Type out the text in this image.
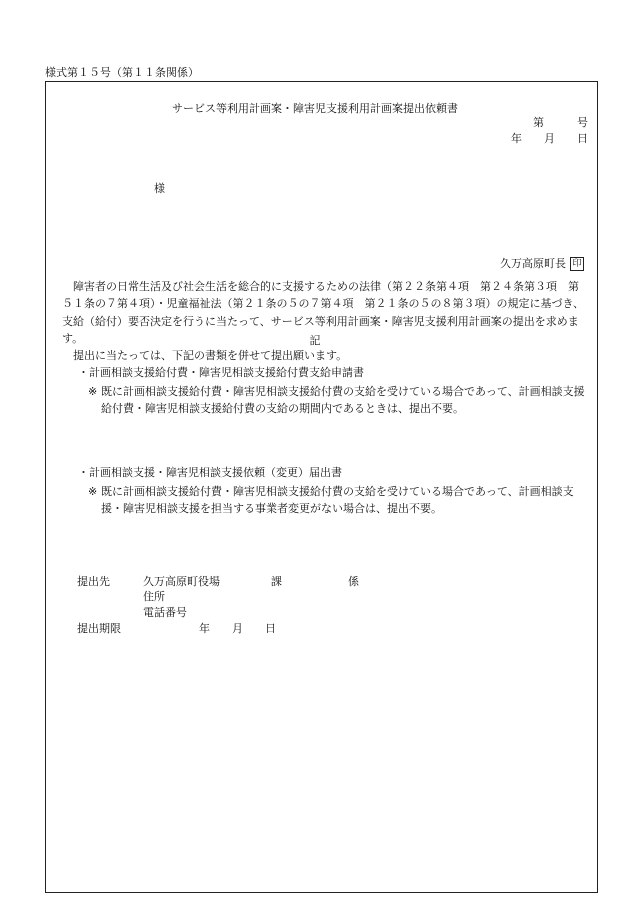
様式第１５号（第１１条関係）
サービス等利用計画案・障害児支援利用計画案提出依頼書
第　　　号
年　　月　　日
様
久万高原町長 印

障害者の日常生活及び社会生活を総合的に支援するための法律（第２２条第４項　第２４条第３項　第５１条の７第４項）・児童福祉法（第２１条の５の７第４項　第２１条の５の８第３項）の規定に基づき、支給（給付）要否決定を行うに当たって、サービス等利用計画案・障害児支援利用計画案の提出を求めます。

提出に当たっては、下記の書類を併せて提出願います。

記
・計画相談支援給付費・障害児相談支援給付費支給申請書
※ 既に計画相談支援給付費・障害児相談支援給付費の支給を受けている場合であって、計画相談支援給付費・障害児相談支援給付費の支給の期間内であるときは、提出不要。
・計画相談支援・障害児相談支援依頼（変更）届出書
※ 既に計画相談支援給付費・障害児相談支援給付費の支給を受けている場合であって、計画相談支援・障害児相談支援を担当する事業者変更がない場合は、提出不要。
提出先	久万高原町役場	課	係
住所
電話番号
提出期限	年　　月　　日
